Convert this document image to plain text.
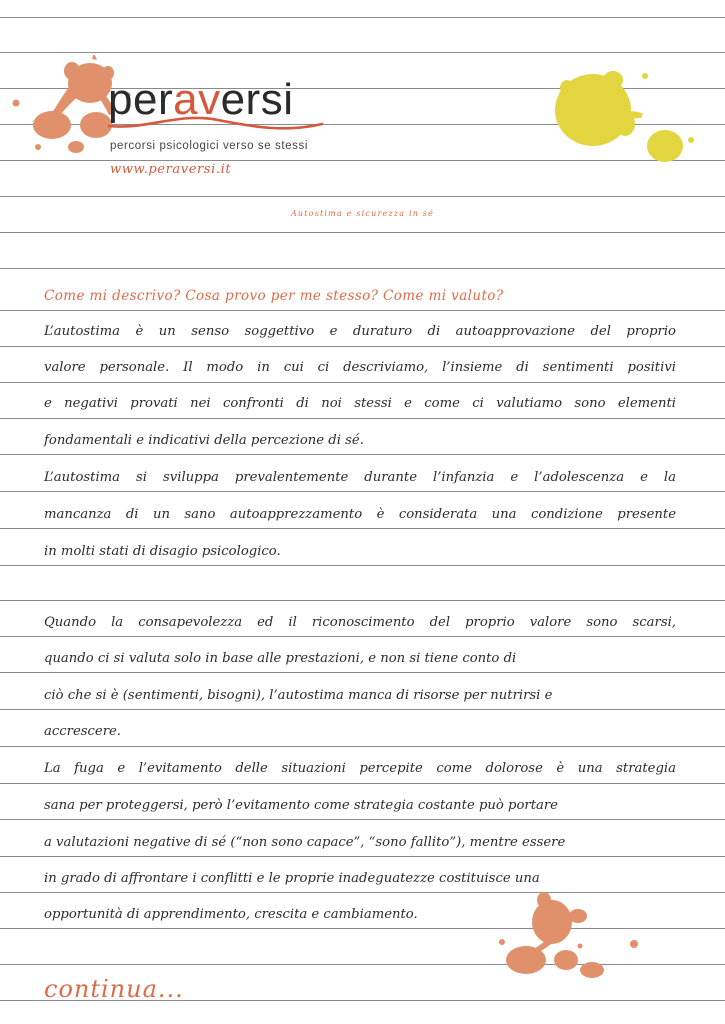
peraversi
percorsi psicologici verso se stessi
www.peraversi.it
Autostima e sicurezza in sé
Come mi descrivo? Cosa provo per me stesso? Come mi valuto?
L’autostima è un senso soggettivo e duraturo di autoapprovazione del proprio
valore personale. Il modo in cui ci descriviamo, l’insieme di sentimenti positivi
e negativi provati nei confronti di noi stessi e come ci valutiamo sono elementi
fondamentali e indicativi della percezione di sé.
L’autostima si sviluppa prevalentemente durante l’infanzia e l’adolescenza e la
mancanza di un sano autoapprezzamento è considerata una condizione presente
in molti stati di disagio psicologico.
Quando la consapevolezza ed il riconoscimento del proprio valore sono scarsi,
quando ci si valuta solo in base alle prestazioni, e non si tiene conto di
ciò che si è (sentimenti, bisogni), l’autostima manca di risorse per nutrirsi e
accrescere.
La fuga e l’evitamento delle situazioni percepite come dolorose è una strategia
sana per proteggersi, però l’evitamento come strategia costante può portare
a valutazioni negative di sé (“non sono capace”, “sono fallito”), mentre essere
in grado di affrontare i conflitti e le proprie inadeguatezze costituisce una
opportunità di apprendimento, crescita e cambiamento.
continua...
